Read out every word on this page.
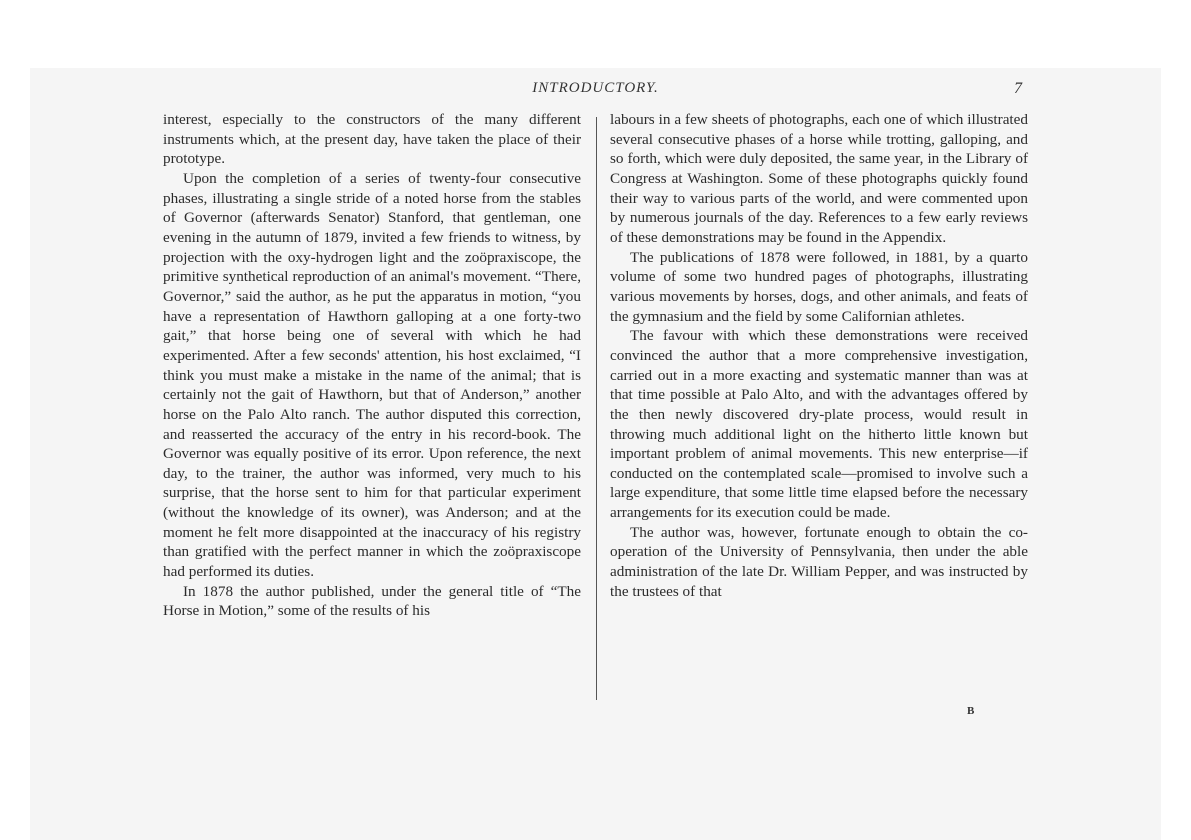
INTRODUCTORY.	7

interest, especially to the constructors of the many different instruments which, at the present day, have taken the place of their prototype.

Upon the completion of a series of twenty-four consecutive phases, illustrating a single stride of a noted horse from the stables of Governor (afterwards Senator) Stanford, that gentleman, one evening in the autumn of 1879, invited a few friends to witness, by projection with the oxy-hydrogen light and the zoöpraxiscope, the primitive synthetical reproduction of an animal's movement. “There, Governor,” said the author, as he put the apparatus in motion, “you have a representation of Hawthorn galloping at a one forty-two gait,” that horse being one of several with which he had experimented. After a few seconds' attention, his host exclaimed, “I think you must make a mistake in the name of the animal; that is certainly not the gait of Hawthorn, but that of Anderson,” another horse on the Palo Alto ranch. The author disputed this correction, and reasserted the accuracy of the entry in his record-book. The Governor was equally positive of its error. Upon reference, the next day, to the trainer, the author was informed, very much to his surprise, that the horse sent to him for that particular experiment (without the knowledge of its owner), was Anderson; and at the moment he felt more disappointed at the inaccuracy of his registry than gratified with the perfect manner in which the zoöpraxiscope had performed its duties.

In 1878 the author published, under the general title of “The Horse in Motion,” some of the results of his

labours in a few sheets of photographs, each one of which illustrated several consecutive phases of a horse while trotting, galloping, and so forth, which were duly deposited, the same year, in the Library of Congress at Washington. Some of these photographs quickly found their way to various parts of the world, and were commented upon by numerous journals of the day. References to a few early reviews of these demonstrations may be found in the Appendix.

The publications of 1878 were followed, in 1881, by a quarto volume of some two hundred pages of photographs, illustrating various movements by horses, dogs, and other animals, and feats of the gymnasium and the field by some Californian athletes.

The favour with which these demonstrations were received convinced the author that a more comprehensive investigation, carried out in a more exacting and systematic manner than was at that time possible at Palo Alto, and with the advantages offered by the then newly discovered dry-plate process, would result in throwing much additional light on the hitherto little known but important problem of animal movements. This new enterprise—if conducted on the contemplated scale—promised to involve such a large expenditure, that some little time elapsed before the necessary arrangements for its execution could be made.

The author was, however, fortunate enough to obtain the co-operation of the University of Pennsylvania, then under the able administration of the late Dr. William Pepper, and was instructed by the trustees of that

B
